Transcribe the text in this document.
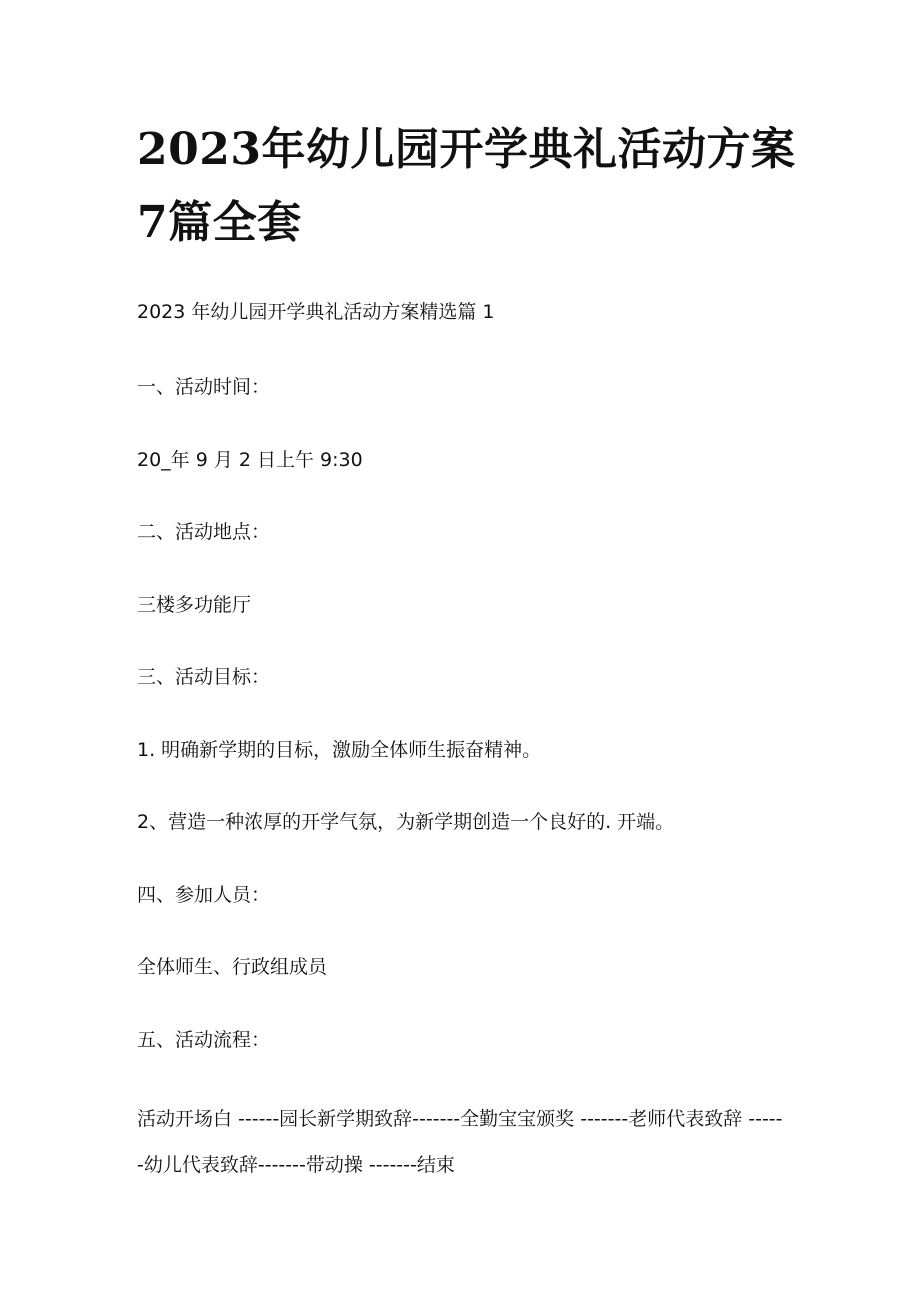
2023年幼儿园开学典礼活动方案7篇全套

2023 年幼儿园开学典礼活动方案精选篇 1

一、活动时间：

20_年 9 月 2 日上午 9:30

二、活动地点：

三楼多功能厅

三、活动目标：

1. 明确新学期的目标，激励全体师生振奋精神。

2、营造一种浓厚的开学气氛，为新学期创造一个良好的. 开端。

四、参加人员：

全体师生、行政组成员

五、活动流程：

活动开场白 ------园长新学期致辞-------全勤宝宝颁奖 -------老师代表致辞 ------幼儿代表致辞-------带动操 -------结束
